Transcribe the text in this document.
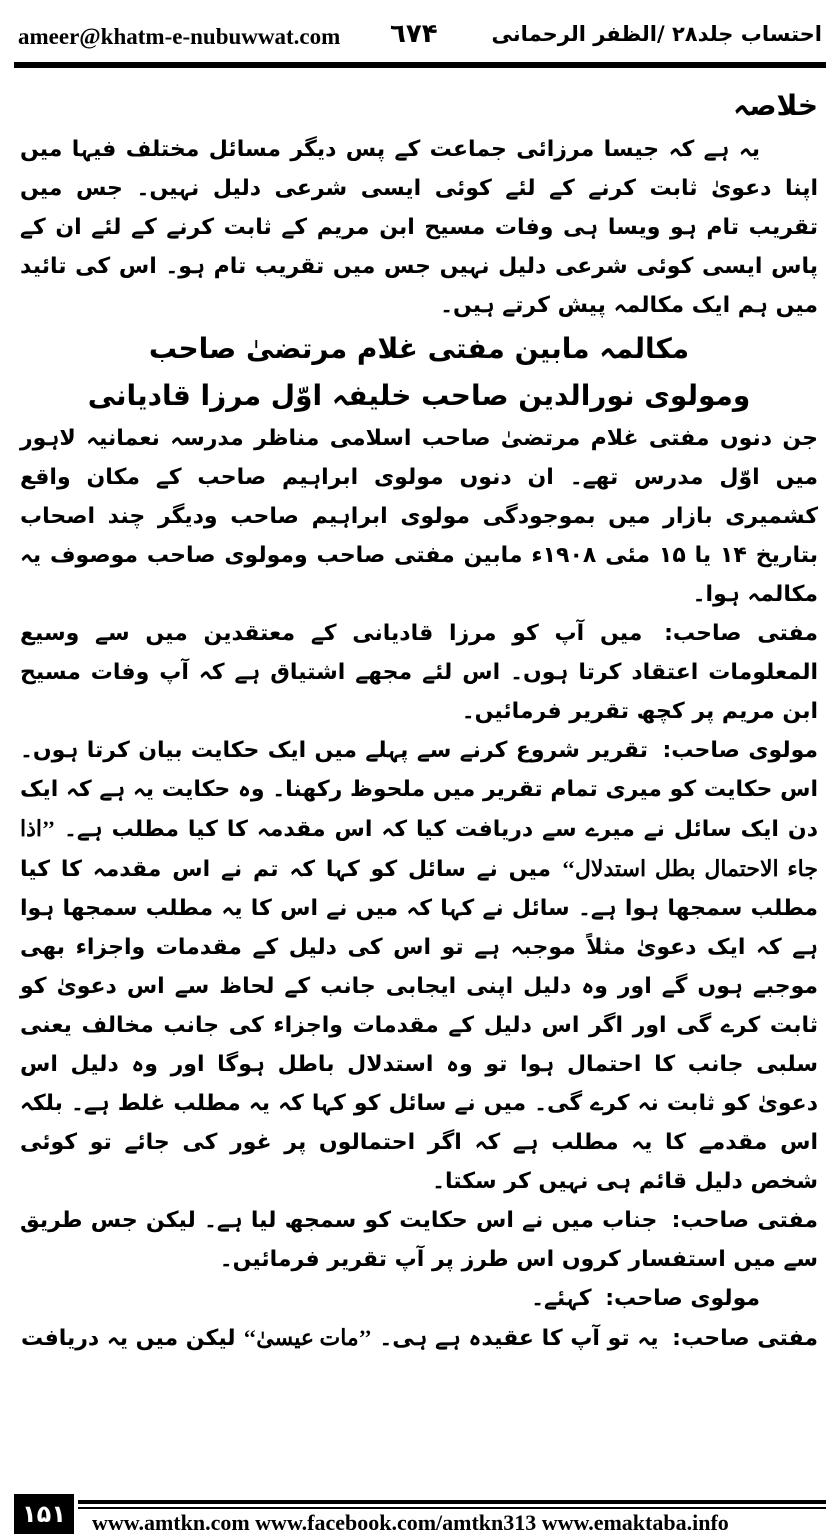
ameer@khatm-e-nubuwwat.com ٦٧۴	احتساب جلد۲۸ /الظفر الرحمانی

خلاصہ

یہ ہے کہ جیسا مرزائی جماعت کے پس دیگر مسائل مختلف فیہا میں اپنا دعویٰ ثابت کرنے کے لئے کوئی ایسی شرعی دلیل نہیں۔ جس میں تقریب تام ہو ویسا ہی وفات مسیح ابن مریم کے ثابت کرنے کے لئے ان کے پاس ایسی کوئی شرعی دلیل نہیں جس میں تقریب تام ہو۔ اس کی تائید میں ہم ایک مکالمہ پیش کرتے ہیں۔

مکالمہ مابین مفتی غلام مرتضیٰ صاحب

ومولوی نورالدین صاحب خلیفہ اوّل مرزا قادیانی

جن دنوں مفتی غلام مرتضیٰ صاحب اسلامی مناظر مدرسہ نعمانیہ لاہور میں اوّل مدرس تھے۔ ان دنوں مولوی ابراہیم صاحب کے مکان واقع کشمیری بازار میں بموجودگی مولوی ابراہیم صاحب ودیگر چند اصحاب بتاریخ ۱۴ یا ۱۵ مئی ۱۹۰۸ء مابین مفتی صاحب ومولوی صاحب موصوف یہ مکالمہ ہوا۔

مفتی صاحب: میں آپ کو مرزا قادیانی کے معتقدین میں سے وسیع المعلومات اعتقاد کرتا ہوں۔ اس لئے مجھے اشتیاق ہے کہ آپ وفات مسیح ابن مریم پر کچھ تقریر فرمائیں۔

مولوی صاحب: تقریر شروع کرنے سے پہلے میں ایک حکایت بیان کرتا ہوں۔ اس حکایت کو میری تمام تقریر میں ملحوظ رکھنا۔ وہ حکایت یہ ہے کہ ایک دن ایک سائل نے میرے سے دریافت کیا کہ اس مقدمہ کا کیا مطلب ہے۔ ’’اذا جاء الاحتمال بطل استدلال‘‘ میں نے سائل کو کہا کہ تم نے اس مقدمہ کا کیا مطلب سمجھا ہوا ہے۔ سائل نے کہا کہ میں نے اس کا یہ مطلب سمجھا ہوا ہے کہ ایک دعویٰ مثلاً موجبہ ہے تو اس کی دلیل کے مقدمات واجزاء بھی موجبے ہوں گے اور وہ دلیل اپنی ایجابی جانب کے لحاظ سے اس دعویٰ کو ثابت کرے گی اور اگر اس دلیل کے مقدمات واجزاء کی جانب مخالف یعنی سلبی جانب کا احتمال ہوا تو وہ استدلال باطل ہوگا اور وہ دلیل اس دعویٰ کو ثابت نہ کرے گی۔ میں نے سائل کو کہا کہ یہ مطلب غلط ہے۔ بلکہ اس مقدمے کا یہ مطلب ہے کہ اگر احتمالوں پر غور کی جائے تو کوئی شخص دلیل قائم ہی نہیں کر سکتا۔

مفتی صاحب: جناب میں نے اس حکایت کو سمجھ لیا ہے۔ لیکن جس طریق سے میں استفسار کروں اس طرز پر آپ تقریر فرمائیں۔

مولوی صاحب: کہئے۔

مفتی صاحب: یہ تو آپ کا عقیدہ ہے ہی۔ ’’مات عیسیٰ‘‘ لیکن میں یہ دریافت

۱۵۱	www.amtkn.com www.facebook.com/amtkn313 www.emaktaba.info
